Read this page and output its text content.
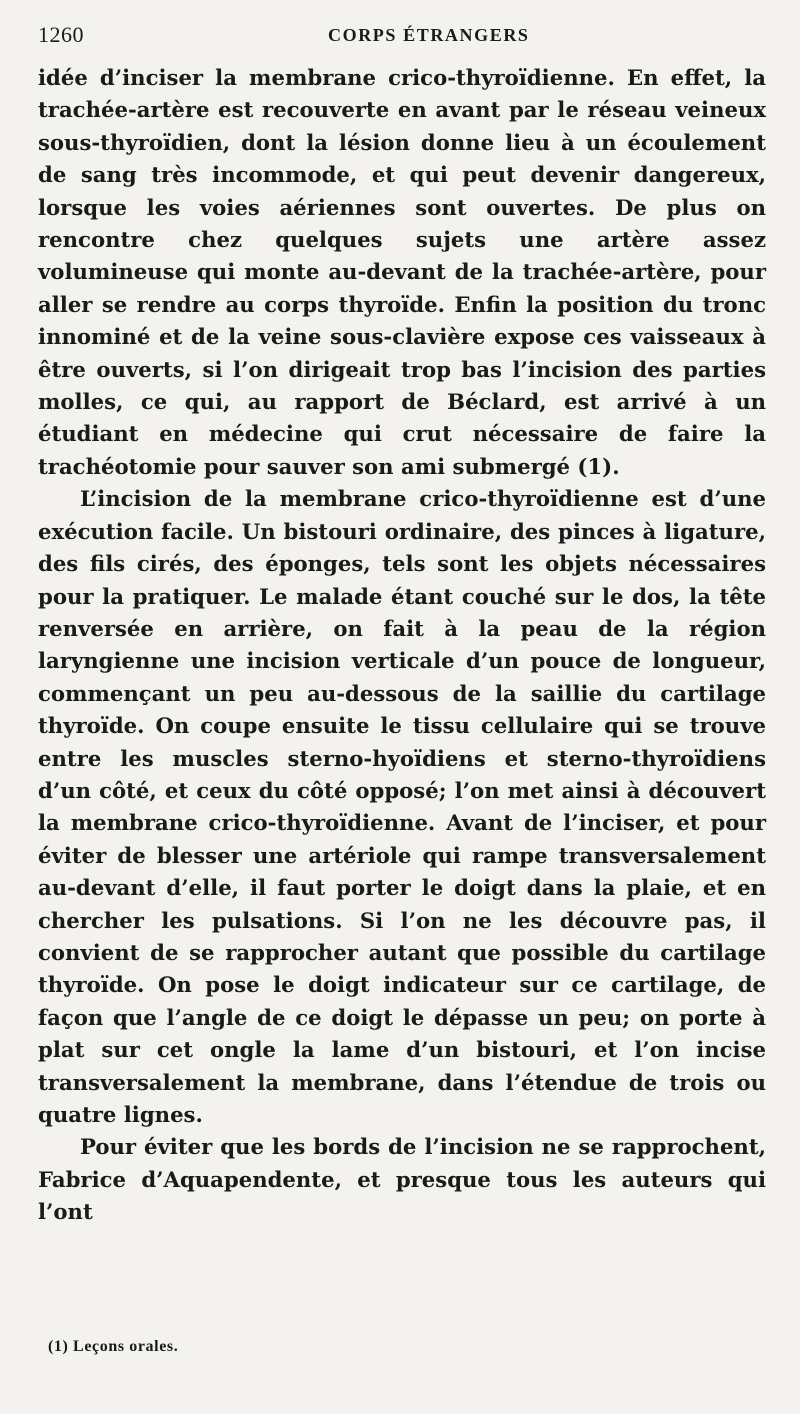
1260	CORPS ÉTRANGERS

idée d’inciser la membrane crico-thyroïdienne. En effet, la trachée-artère est recouverte en avant par le réseau veineux sous-thyroïdien, dont la lésion donne lieu à un écoulement de sang très incommode, et qui peut devenir dangereux, lorsque les voies aériennes sont ouvertes. De plus on rencontre chez quelques sujets une artère assez volumineuse qui monte au-devant de la trachée-artère, pour aller se rendre au corps thyroïde. Enfin la position du tronc innominé et de la veine sous-clavière expose ces vaisseaux à être ouverts, si l’on dirigeait trop bas l’incision des parties molles, ce qui, au rapport de Béclard, est arrivé à un étudiant en médecine qui crut nécessaire de faire la trachéotomie pour sauver son ami submergé (1).

L’incision de la membrane crico-thyroïdienne est d’une exécution facile. Un bistouri ordinaire, des pinces à ligature, des fils cirés, des éponges, tels sont les objets nécessaires pour la pratiquer. Le malade étant couché sur le dos, la tête renversée en arrière, on fait à la peau de la région laryngienne une incision verticale d’un pouce de longueur, commençant un peu au-dessous de la saillie du cartilage thyroïde. On coupe ensuite le tissu cellulaire qui se trouve entre les muscles sterno-hyoïdiens et sterno-thyroïdiens d’un côté, et ceux du côté opposé; l’on met ainsi à découvert la membrane crico-thyroïdienne. Avant de l’inciser, et pour éviter de blesser une artériole qui rampe transversalement au-devant d’elle, il faut porter le doigt dans la plaie, et en chercher les pulsations. Si l’on ne les découvre pas, il convient de se rapprocher autant que possible du cartilage thyroïde. On pose le doigt indicateur sur ce cartilage, de façon que l’angle de ce doigt le dépasse un peu; on porte à plat sur cet ongle la lame d’un bistouri, et l’on incise transversalement la membrane, dans l’étendue de trois ou quatre lignes.

Pour éviter que les bords de l’incision ne se rapprochent, Fabrice d’Aquapendente, et presque tous les auteurs qui l’ont

(1) Leçons orales.
